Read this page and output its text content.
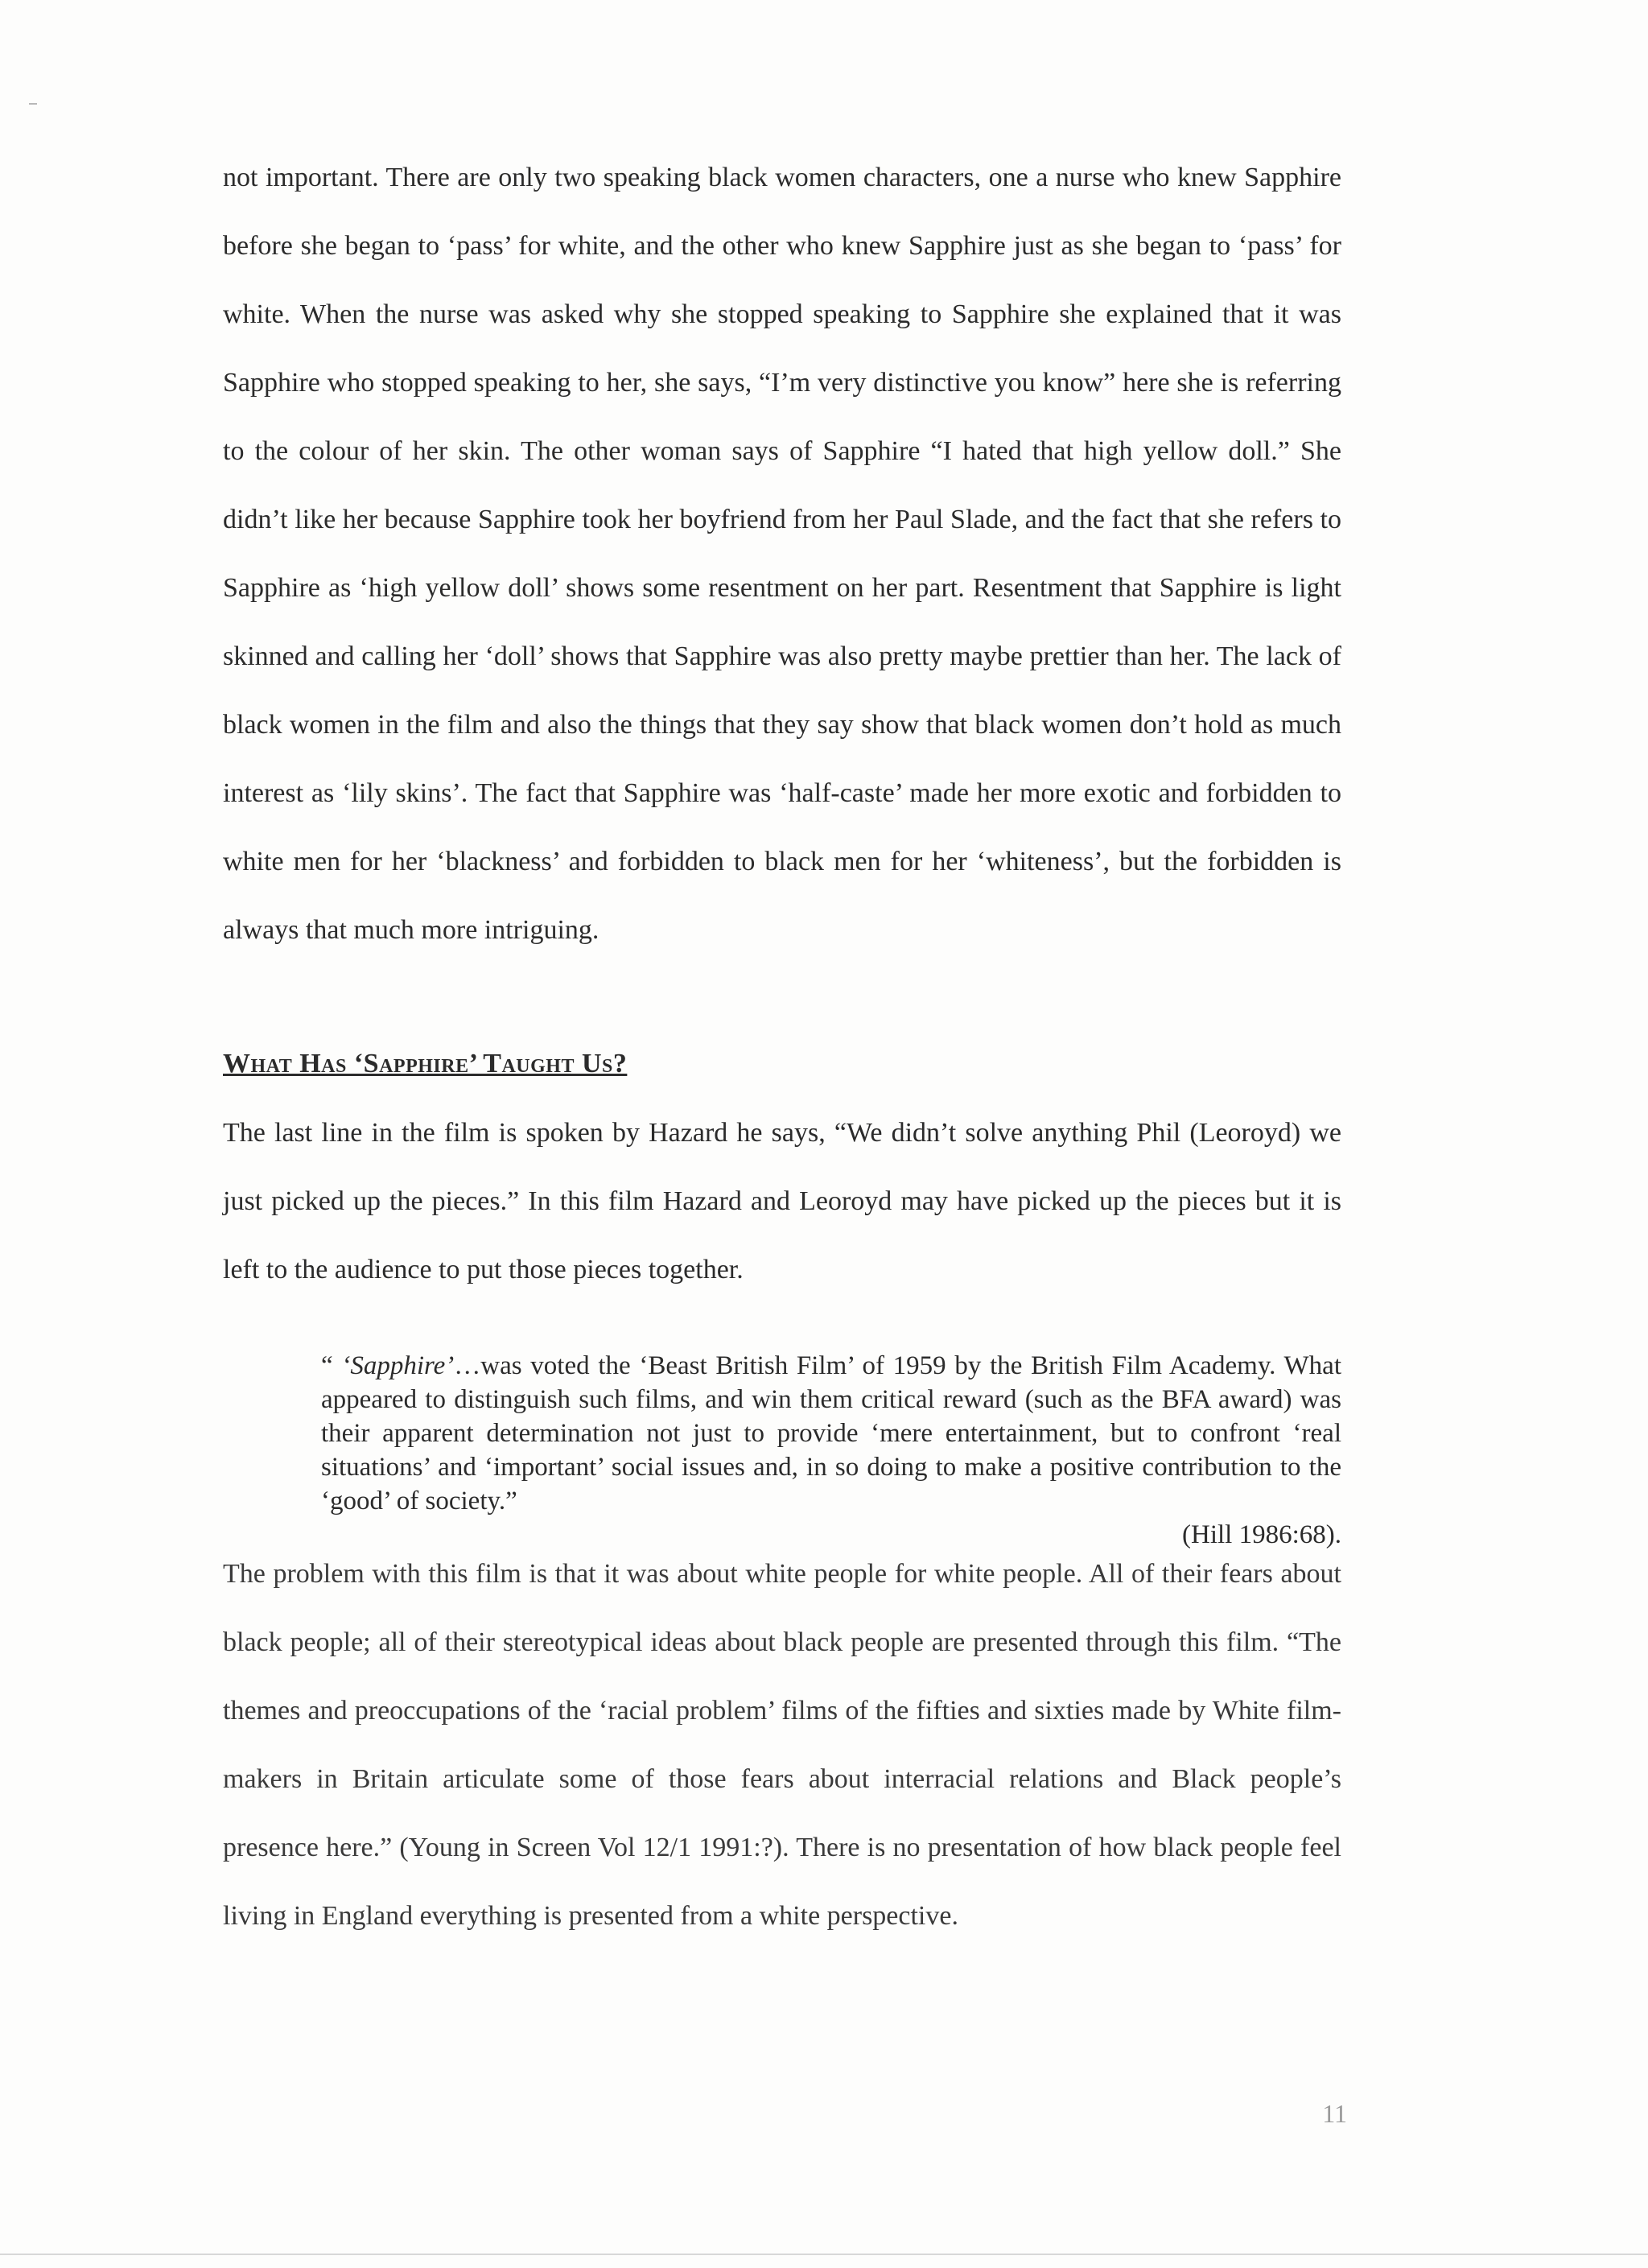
not important. There are only two speaking black women characters, one a nurse who knew Sapphire before she began to ‘pass’ for white, and the other who knew Sapphire just as she began to ‘pass’ for white. When the nurse was asked why she stopped speaking to Sapphire she explained that it was Sapphire who stopped speaking to her, she says, “I’m very distinctive you know” here she is referring to the colour of her skin. The other woman says of Sapphire “I hated that high yellow doll.” She didn’t like her because Sapphire took her boyfriend from her Paul Slade, and the fact that she refers to Sapphire as ‘high yellow doll’ shows some resentment on her part. Resentment that Sapphire is light skinned and calling her ‘doll’ shows that Sapphire was also pretty maybe prettier than her. The lack of black women in the film and also the things that they say show that black women don’t hold as much interest as ‘lily skins’. The fact that Sapphire was ‘half-caste’ made her more exotic and forbidden to white men for her ‘blackness’ and forbidden to black men for her ‘whiteness’, but the forbidden is always that much more intriguing.

What Has ‘Sapphire’ Taught Us?

The last line in the film is spoken by Hazard he says, “We didn’t solve anything Phil (Leoroyd) we just picked up the pieces.” In this film Hazard and Leoroyd may have picked up the pieces but it is left to the audience to put those pieces together.

“ ‘Sapphire’…was voted the ‘Beast British Film’ of 1959 by the British Film Academy. What appeared to distinguish such films, and win them critical reward (such as the BFA award) was their apparent determination not just to provide ‘mere entertainment, but to confront ‘real situations’ and ‘important’ social issues and, in so doing to make a positive contribution to the ‘good’ of society.”

(Hill 1986:68).

The problem with this film is that it was about white people for white people. All of their fears about black people; all of their stereotypical ideas about black people are presented through this film. “The themes and preoccupations of the ‘racial problem’ films of the fifties and sixties made by White film-makers in Britain articulate some of those fears about interracial relations and Black people’s presence here.” (Young in Screen Vol 12/1 1991:?). There is no presentation of how black people feel living in England everything is presented from a white perspective.

11
